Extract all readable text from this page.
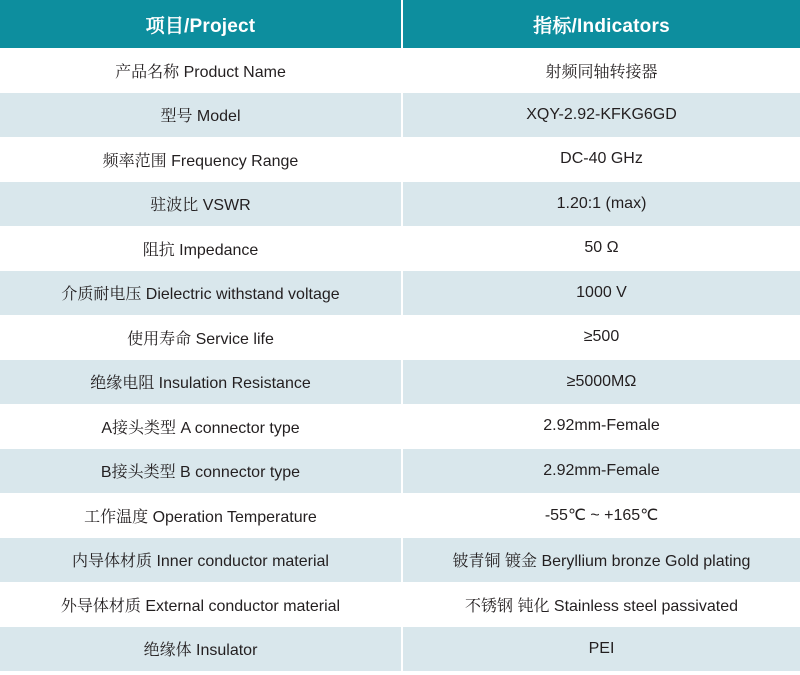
项目/Project	指标/Indicators
产品名称 Product Name	射频同轴转接器
型号 Model	XQY-2.92-KFKG6GD
频率范围 Frequency Range	DC-40 GHz
驻波比 VSWR	1.20:1 (max)
阻抗 Impedance	50 Ω
介质耐电压 Dielectric withstand voltage	1000 V
使用寿命 Service life	≥500
绝缘电阻 Insulation Resistance	≥5000MΩ
A接头类型 A connector type	2.92mm-Female
B接头类型 B connector type	2.92mm-Female
工作温度 Operation Temperature	-55℃ ~ +165℃
内导体材质 Inner conductor material	铍青铜 镀金 Beryllium bronze Gold plating
外导体材质 External conductor material	不锈钢 钝化 Stainless steel passivated
绝缘体 Insulator	PEI
